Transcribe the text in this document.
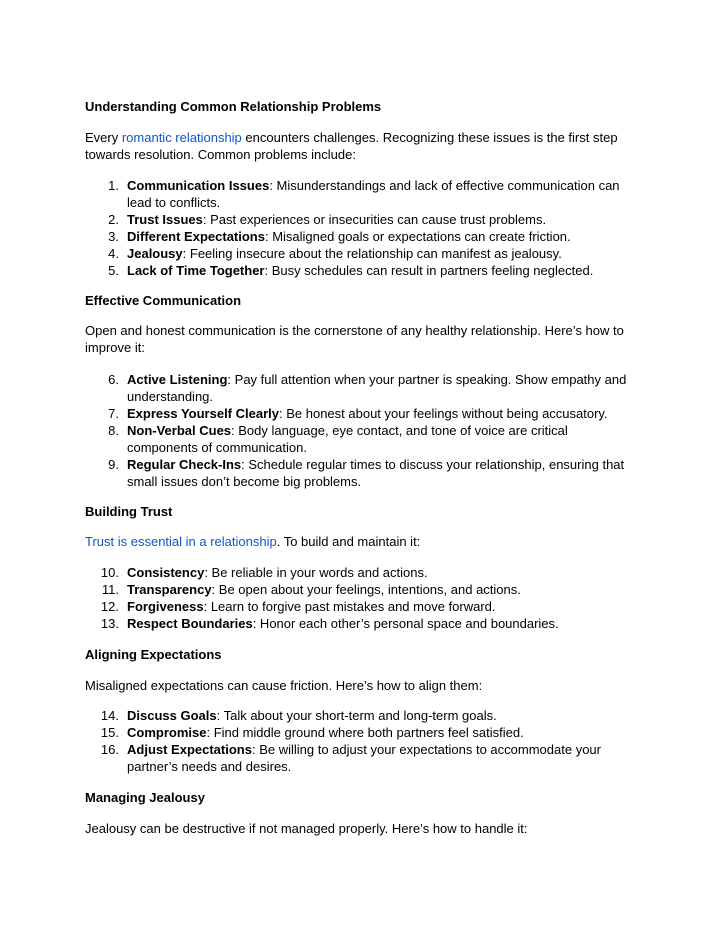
Understanding Common Relationship Problems

Every romantic relationship encounters challenges. Recognizing these issues is the first step towards resolution. Common problems include:

1. Communication Issues: Misunderstandings and lack of effective communication can lead to conflicts.
2. Trust Issues: Past experiences or insecurities can cause trust problems.
3. Different Expectations: Misaligned goals or expectations can create friction.
4. Jealousy: Feeling insecure about the relationship can manifest as jealousy.
5. Lack of Time Together: Busy schedules can result in partners feeling neglected.
Effective Communication

Open and honest communication is the cornerstone of any healthy relationship. Here’s how to improve it:

6. Active Listening: Pay full attention when your partner is speaking. Show empathy and understanding.
7. Express Yourself Clearly: Be honest about your feelings without being accusatory.
8. Non-Verbal Cues: Body language, eye contact, and tone of voice are critical components of communication.
9. Regular Check-Ins: Schedule regular times to discuss your relationship, ensuring that small issues don’t become big problems.
Building Trust

Trust is essential in a relationship. To build and maintain it:

10. Consistency: Be reliable in your words and actions.
11. Transparency: Be open about your feelings, intentions, and actions.
12. Forgiveness: Learn to forgive past mistakes and move forward.
13. Respect Boundaries: Honor each other’s personal space and boundaries.
Aligning Expectations

Misaligned expectations can cause friction. Here’s how to align them:

14. Discuss Goals: Talk about your short-term and long-term goals.
15. Compromise: Find middle ground where both partners feel satisfied.
16. Adjust Expectations: Be willing to adjust your expectations to accommodate your partner’s needs and desires.
Managing Jealousy

Jealousy can be destructive if not managed properly. Here’s how to handle it:
